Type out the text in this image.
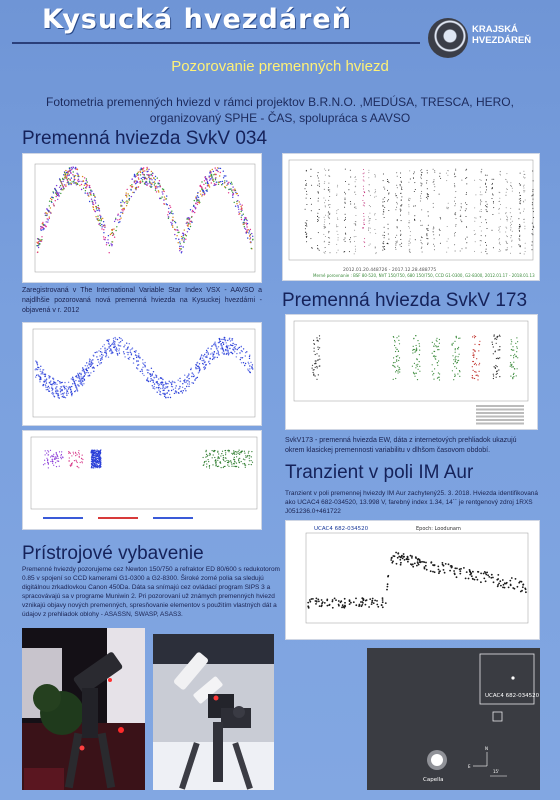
Kysucká hvezdáreň	KRAJSKÁ
HVEZDÁREŇ
Pozorovanie premenných hviezd
Fotometria premenných hviezd v rámci projektov B.R.N.O. ,MEDÚSA, TRESCA, HERO,
organizovaný SPHE - ČAS, spolupráca s AAVSO
Premenná hviezda SvkV 034
2012.01.20.448726 - 2017.12.28.488775
Merné porovnanie : BSF 80-520, NVT 150/750, 680 150/750, CCD G1-0300, G2-8300, 2012.01.17 - 2018.01.13
Zaregistrovaná v The International Variable Star Index VSX - AAVSO a najdlhšie pozorovaná nová premenná hviezda na Kysuckej hvezdárni - objavená v r. 2012	Premenná hviezda SvkV 173
SvkV173 - premenná hviezda EW, dáta z internetových prehliadok ukazujú okrem klasickej premennosti variabilitu v dlhšom časovom období.
Tranzient v poli IM Aur
Tranzient v poli premennej hviezdy IM Aur zachytený25. 3. 2018. Hviezda identifikovaná ako UCAC4 682-034520, 13.998 V, farebný index 1.34, 14´´ je rentgenový zdroj 1RXS J051236.0+461722
UCAC4 682-034520	Epoch: Loodunam
Prístrojové vybavenie
Premenné hviezdy pozorujeme cez Newton 150/750 a refraktor ED 80/600 s redukotorom 0.85 v spojení so CCD kamerami G1-0300 a G2-8300. Široké zorné polia sa sledujú digitálnou zrkadlovkou Canon 450Da. Dáta sa snímajú cez ovládací program SIPS 3 a spracovávajú sa v programe Muniwin 2. Pri pozorovaní už známych premenných hviezd vznikajú objavy nových premenných, spresňovanie elementov s použitím vlastných dát a údajov z prehliadok oblohy - ASASSN, SWASP, ASAS3.
UCAC4 682-034520
Capella
N
E
15'
